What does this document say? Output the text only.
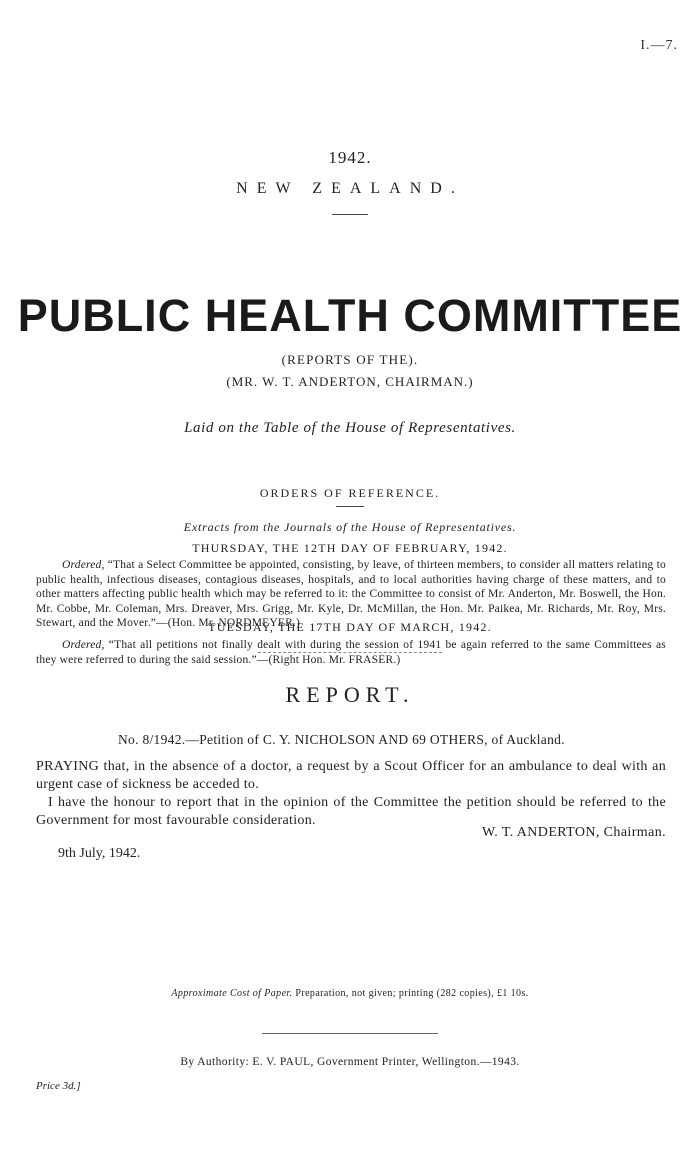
I.—7.
1942.
NEW ZEALAND.
PUBLIC HEALTH COMMITTEE
(REPORTS OF THE).
(MR. W. T. ANDERTON, CHAIRMAN.)
Laid on the Table of the House of Representatives.
ORDERS OF REFERENCE.
Extracts from the Journals of the House of Representatives.
THURSDAY, THE 12TH DAY OF FEBRUARY, 1942.
Ordered, “That a Select Committee be appointed, consisting, by leave, of thirteen members, to consider all matters relating to public health, infectious diseases, contagious diseases, hospitals, and to local authorities having charge of these matters, and to other matters affecting public health which may be referred to it: the Committee to consist of Mr. Anderton, Mr. Boswell, the Hon. Mr. Cobbe, Mr. Coleman, Mrs. Dreaver, Mrs. Grigg, Mr. Kyle, Dr. McMillan, the Hon. Mr. Paikea, Mr. Richards, Mr. Roy, Mrs. Stewart, and the Mover.”—(Hon. Mr. NORDMEYER.)
TUESDAY, THE 17TH DAY OF MARCH, 1942.
Ordered, “That all petitions not finally dealt with during the session of 1941 be again referred to the same Committees as they were referred to during the said session.”—(Right Hon. Mr. FRASER.)
REPORT.
No. 8/1942.—Petition of C. Y. NICHOLSON AND 69 OTHERS, of Auckland.
PRAYING that, in the absence of a doctor, a request by a Scout Officer for an ambulance to deal with an urgent case of sickness be acceded to.
I have the honour to report that in the opinion of the Committee the petition should be referred to the Government for most favourable consideration.
W. T. ANDERTON, Chairman.
9th July, 1942.
Approximate Cost of Paper. Preparation, not given; printing (282 copies), £1 10s.
By Authority: E. V. PAUL, Government Printer, Wellington.—1943.
Price 3d.]
